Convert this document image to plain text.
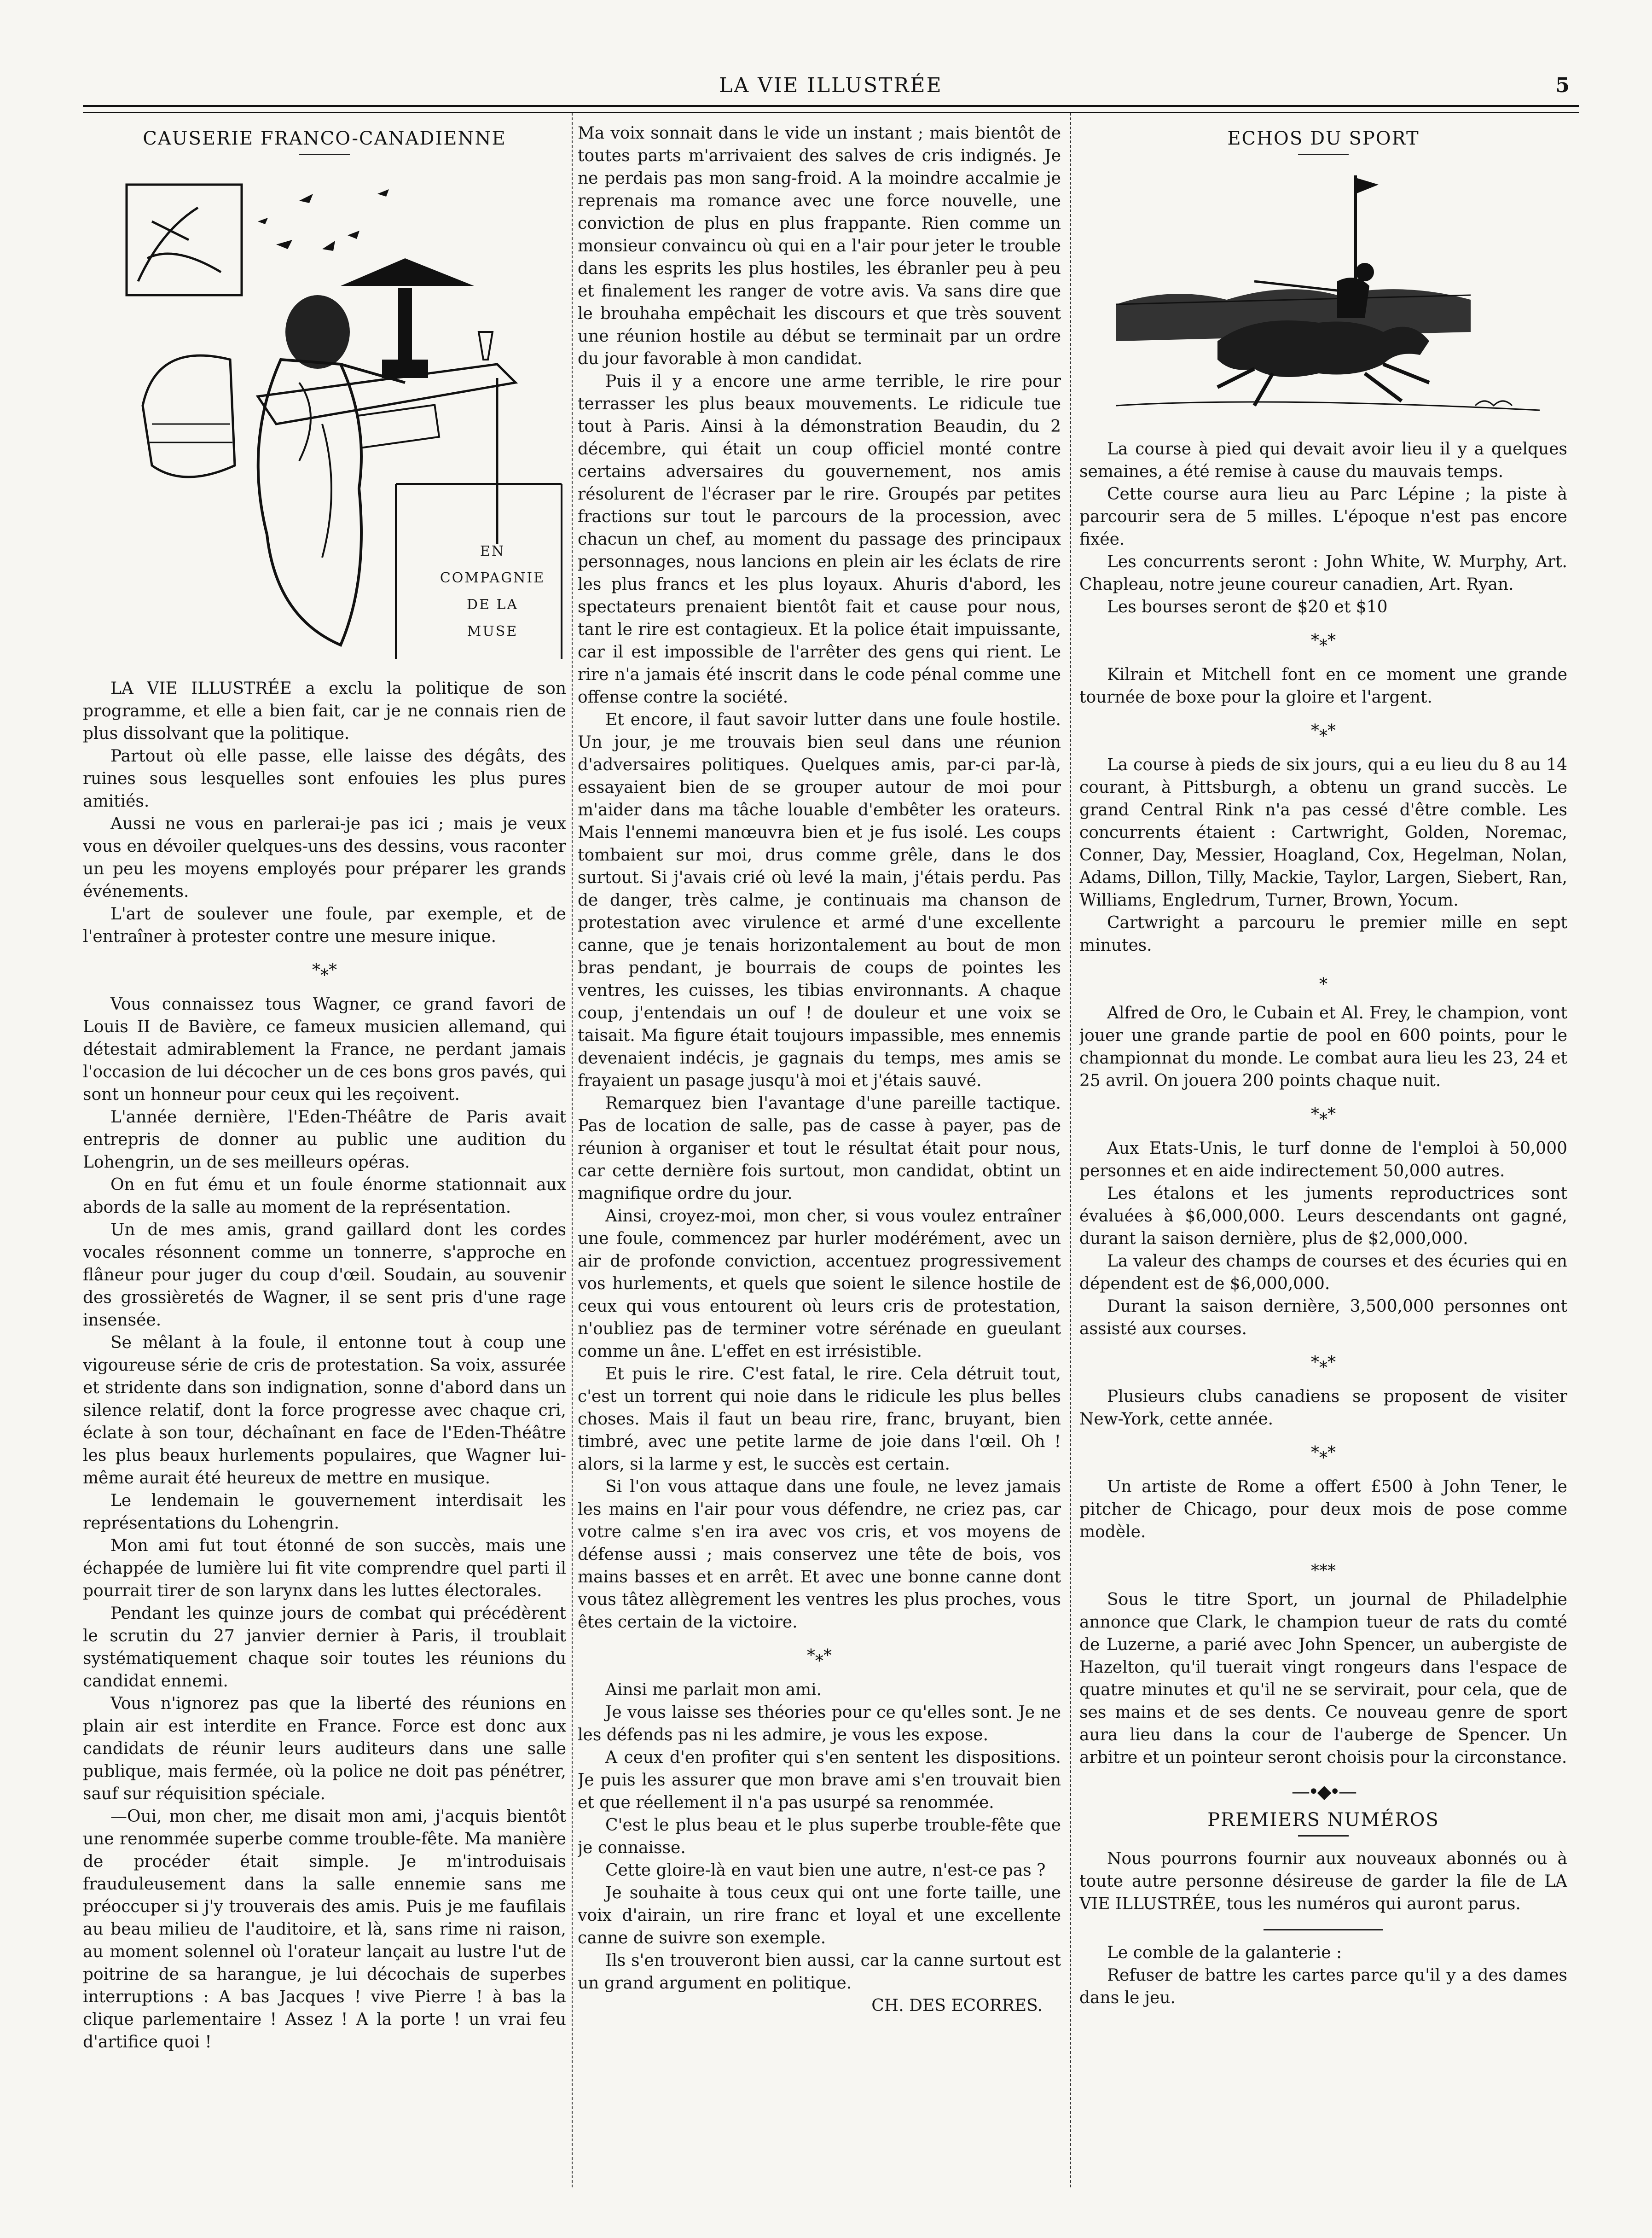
LA VIE ILLUSTRÉE	5
CAUSERIE FRANCO-CANADIENNE
EN
COMPAGNIE
DE LA
MUSE

LA VIE ILLUSTRÉE a exclu la politique de son programme, et elle a bien fait, car je ne connais rien de plus dissolvant que la politique.

Partout où elle passe, elle laisse des dégâts, des ruines sous lesquelles sont enfouies les plus pures amitiés.

Aussi ne vous en parlerai-je pas ici ; mais je veux vous en dévoiler quelques-uns des dessins, vous raconter un peu les moyens employés pour préparer les grands événements.

L'art de soulever une foule, par exemple, et de l'entraîner à protester contre une mesure inique.

*⁎*

Vous connaissez tous Wagner, ce grand favori de Louis II de Bavière, ce fameux musicien allemand, qui détestait admirablement la France, ne perdant jamais l'occasion de lui décocher un de ces bons gros pavés, qui sont un honneur pour ceux qui les reçoivent.

L'année dernière, l'Eden-Théâtre de Paris avait entrepris de donner au public une audition du Lohengrin, un de ses meilleurs opéras.

On en fut ému et un foule énorme stationnait aux abords de la salle au moment de la représentation.

Un de mes amis, grand gaillard dont les cordes vocales résonnent comme un tonnerre, s'approche en flâneur pour juger du coup d'œil. Soudain, au souvenir des grossièretés de Wagner, il se sent pris d'une rage insensée.

Se mêlant à la foule, il entonne tout à coup une vigoureuse série de cris de protestation. Sa voix, assurée et stridente dans son indignation, sonne d'abord dans un silence relatif, dont la force progresse avec chaque cri, éclate à son tour, déchaînant en face de l'Eden-Théâtre les plus beaux hurlements populaires, que Wagner lui-même aurait été heureux de mettre en musique.

Le lendemain le gouvernement interdisait les représentations du Lohengrin.

Mon ami fut tout étonné de son succès, mais une échappée de lumière lui fit vite comprendre quel parti il pourrait tirer de son larynx dans les luttes électorales.

Pendant les quinze jours de combat qui précédèrent le scrutin du 27 janvier dernier à Paris, il troublait systématiquement chaque soir toutes les réunions du candidat ennemi.

Vous n'ignorez pas que la liberté des réunions en plain air est interdite en France. Force est donc aux candidats de réunir leurs auditeurs dans une salle publique, mais fermée, où la police ne doit pas pénétrer, sauf sur réquisition spéciale.

—Oui, mon cher, me disait mon ami, j'acquis bientôt une renommée superbe comme trouble-fête. Ma manière de procéder était simple. Je m'introduisais frauduleusement dans la salle ennemie sans me préoccuper si j'y trouverais des amis. Puis je me faufilais au beau milieu de l'auditoire, et là, sans rime ni raison, au moment solennel où l'orateur lançait au lustre l'ut de poitrine de sa harangue, je lui décochais de superbes interruptions : A bas Jacques ! vive Pierre ! à bas la clique parlementaire ! Assez ! A la porte ! un vrai feu d'artifice quoi !

Ma voix sonnait dans le vide un instant ; mais bientôt de toutes parts m'arrivaient des salves de cris indignés. Je ne perdais pas mon sang-froid. A la moindre accalmie je reprenais ma romance avec une force nouvelle, une conviction de plus en plus frappante. Rien comme un monsieur convaincu où qui en a l'air pour jeter le trouble dans les esprits les plus hostiles, les ébranler peu à peu et finalement les ranger de votre avis. Va sans dire que le brouhaha empêchait les discours et que très souvent une réunion hostile au début se terminait par un ordre du jour favorable à mon candidat.

Puis il y a encore une arme terrible, le rire pour terrasser les plus beaux mouvements. Le ridicule tue tout à Paris. Ainsi à la démonstration Beaudin, du 2 décembre, qui était un coup officiel monté contre certains adversaires du gouvernement, nos amis résolurent de l'écraser par le rire. Groupés par petites fractions sur tout le parcours de la procession, avec chacun un chef, au moment du passage des principaux personnages, nous lancions en plein air les éclats de rire les plus francs et les plus loyaux. Ahuris d'abord, les spectateurs prenaient bientôt fait et cause pour nous, tant le rire est contagieux. Et la police était impuissante, car il est impossible de l'arrêter des gens qui rient. Le rire n'a jamais été inscrit dans le code pénal comme une offense contre la société.

Et encore, il faut savoir lutter dans une foule hostile. Un jour, je me trouvais bien seul dans une réunion d'adversaires politiques. Quelques amis, par-ci par-là, essayaient bien de se grouper autour de moi pour m'aider dans ma tâche louable d'embêter les orateurs. Mais l'ennemi manœuvra bien et je fus isolé. Les coups tombaient sur moi, drus comme grêle, dans le dos surtout. Si j'avais crié où levé la main, j'étais perdu. Pas de danger, très calme, je continuais ma chanson de protestation avec virulence et armé d'une excellente canne, que je tenais horizontalement au bout de mon bras pendant, je bourrais de coups de pointes les ventres, les cuisses, les tibias environnants. A chaque coup, j'entendais un ouf ! de douleur et une voix se taisait. Ma figure était toujours impassible, mes ennemis devenaient indécis, je gagnais du temps, mes amis se frayaient un pasage jusqu'à moi et j'étais sauvé.

Remarquez bien l'avantage d'une pareille tactique. Pas de location de salle, pas de casse à payer, pas de réunion à organiser et tout le résultat était pour nous, car cette dernière fois surtout, mon candidat, obtint un magnifique ordre du jour.

Ainsi, croyez-moi, mon cher, si vous voulez entraîner une foule, commencez par hurler modérément, avec un air de profonde conviction, accentuez progressivement vos hurlements, et quels que soient le silence hostile de ceux qui vous entourent où leurs cris de protestation, n'oubliez pas de terminer votre sérénade en gueulant comme un âne. L'effet en est irrésistible.

Et puis le rire. C'est fatal, le rire. Cela détruit tout, c'est un torrent qui noie dans le ridicule les plus belles choses. Mais il faut un beau rire, franc, bruyant, bien timbré, avec une petite larme de joie dans l'œil. Oh ! alors, si la larme y est, le succès est certain.

Si l'on vous attaque dans une foule, ne levez jamais les mains en l'air pour vous défendre, ne criez pas, car votre calme s'en ira avec vos cris, et vos moyens de défense aussi ; mais conservez une tête de bois, vos mains basses et en arrêt. Et avec une bonne canne dont vous tâtez allègrement les ventres les plus proches, vous êtes certain de la victoire.

*⁎*

Ainsi me parlait mon ami.

Je vous laisse ses théories pour ce qu'elles sont. Je ne les défends pas ni les admire, je vous les expose.

A ceux d'en profiter qui s'en sentent les dispositions. Je puis les assurer que mon brave ami s'en trouvait bien et que réellement il n'a pas usurpé sa renommée.

C'est le plus beau et le plus superbe trouble-fête que je connaisse.

Cette gloire-là en vaut bien une autre, n'est-ce pas ?

Je souhaite à tous ceux qui ont une forte taille, une voix d'airain, un rire franc et loyal et une excellente canne de suivre son exemple.

Ils s'en trouveront bien aussi, car la canne surtout est un grand argument en politique.

CH. DES ECORRES.

ECHOS DU SPORT

La course à pied qui devait avoir lieu il y a quelques semaines, a été remise à cause du mauvais temps.

Cette course aura lieu au Parc Lépine ; la piste à parcourir sera de 5 milles. L'époque n'est pas encore fixée.

Les concurrents seront : John White, W. Murphy, Art. Chapleau, notre jeune coureur canadien, Art. Ryan.

Les bourses seront de $20 et $10

*⁎*

Kilrain et Mitchell font en ce moment une grande tournée de boxe pour la gloire et l'argent.

*⁎*

La course à pieds de six jours, qui a eu lieu du 8 au 14 courant, à Pittsburgh, a obtenu un grand succès. Le grand Central Rink n'a pas cessé d'être comble. Les concurrents étaient : Cartwright, Golden, Noremac, Conner, Day, Messier, Hoagland, Cox, Hegelman, Nolan, Adams, Dillon, Tilly, Mackie, Taylor, Largen, Siebert, Ran, Williams, Engledrum, Turner, Brown, Yocum.

Cartwright a parcouru le premier mille en sept minutes.

⁎

Alfred de Oro, le Cubain et Al. Frey, le champion, vont jouer une grande partie de pool en 600 points, pour le championnat du monde. Le combat aura lieu les 23, 24 et 25 avril. On jouera 200 points chaque nuit.

*⁎*

Aux Etats-Unis, le turf donne de l'emploi à 50,000 personnes et en aide indirectement 50,000 autres.

Les étalons et les juments reproductrices sont évaluées à $6,000,000. Leurs descendants ont gagné, durant la saison dernière, plus de $2,000,000.

La valeur des champs de courses et des écuries qui en dépendent est de $6,000,000.

Durant la saison dernière, 3,500,000 personnes ont assisté aux courses.

*⁎*

Plusieurs clubs canadiens se proposent de visiter New-York, cette année.

*⁎*

Un artiste de Rome a offert £500 à John Tener, le pitcher de Chicago, pour deux mois de pose comme modèle.

⁎⁎⁎

Sous le titre Sport, un journal de Philadelphie annonce que Clark, le champion tueur de rats du comté de Luzerne, a parié avec John Spencer, un aubergiste de Hazelton, qu'il tuerait vingt rongeurs dans l'espace de quatre minutes et qu'il ne se servirait, pour cela, que de ses mains et de ses dents. Ce nouveau genre de sport aura lieu dans la cour de l'auberge de Spencer. Un arbitre et un pointeur seront choisis pour la circonstance.

—•◆•—
PREMIERS NUMÉROS

Nous pourrons fournir aux nouveaux abonnés ou à toute autre personne désireuse de garder la file de LA VIE ILLUSTRÉE, tous les numéros qui auront parus.

Le comble de la galanterie :

Refuser de battre les cartes parce qu'il y a des dames dans le jeu.
